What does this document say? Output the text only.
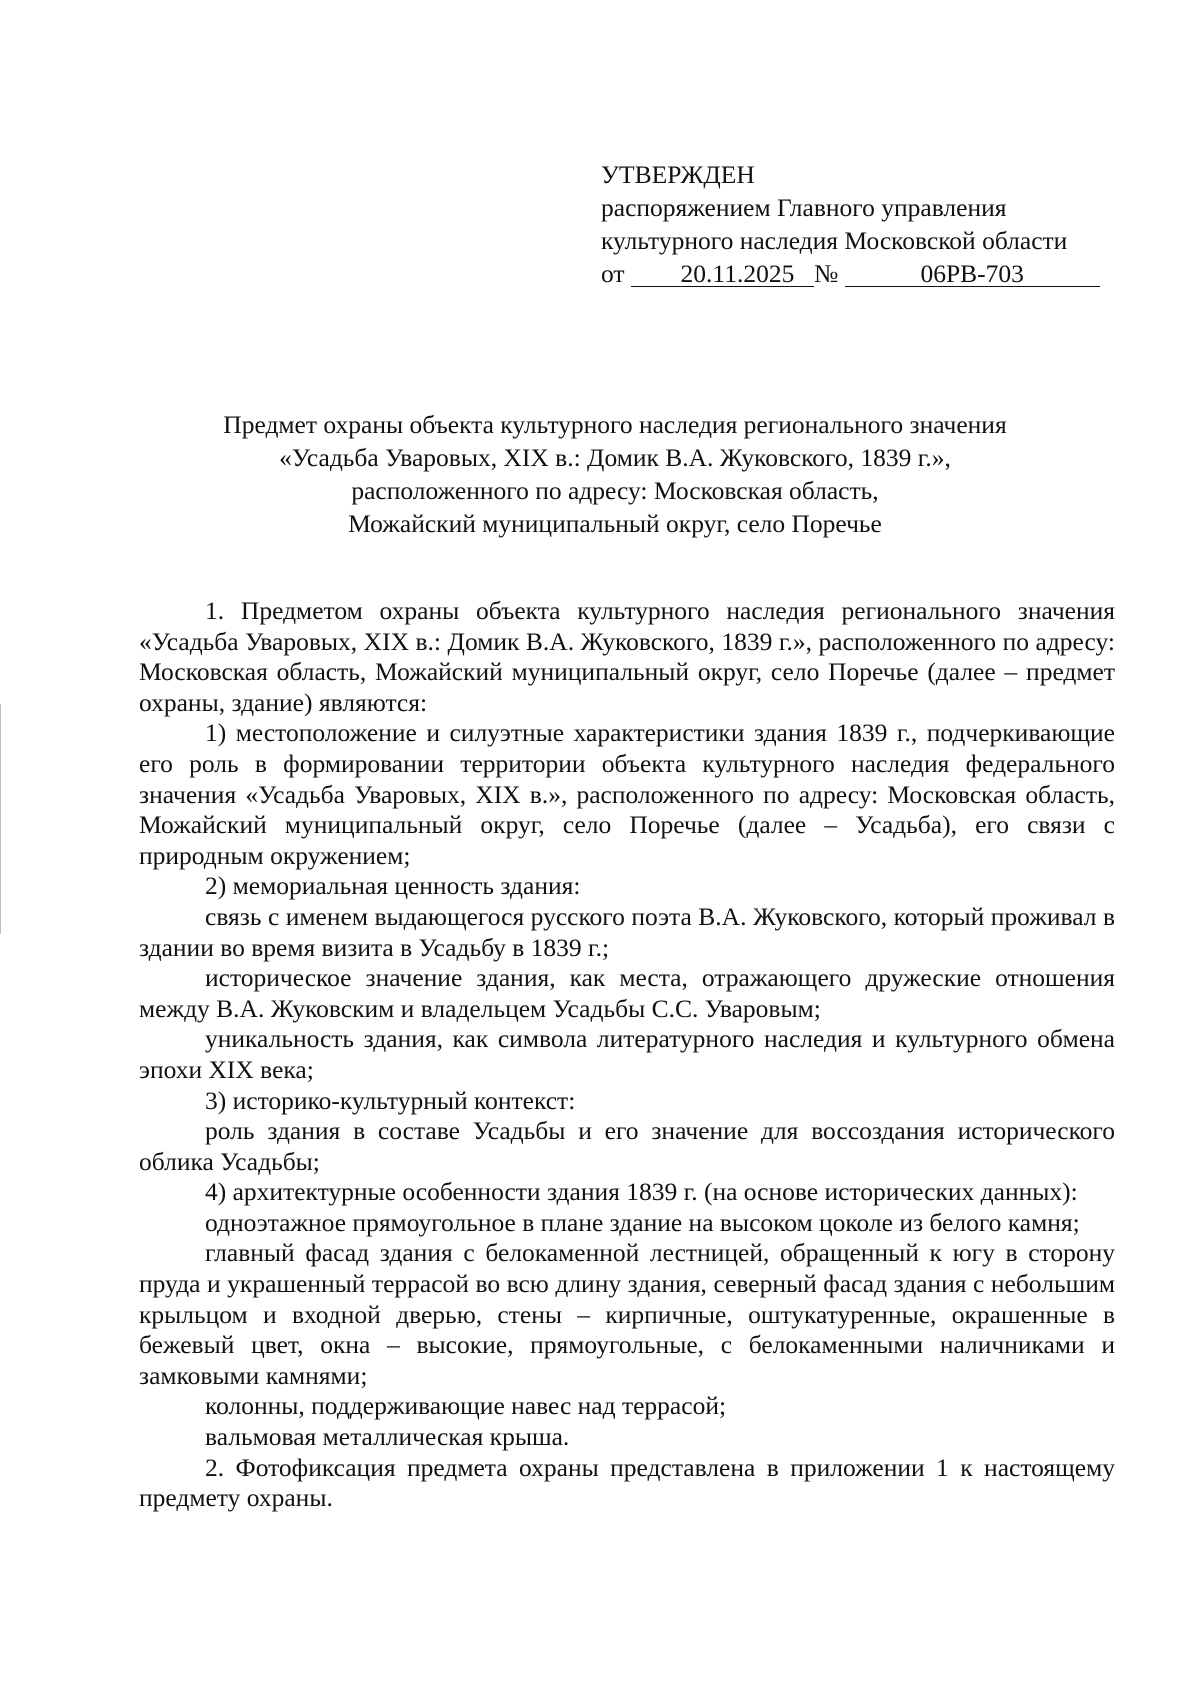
УТВЕРЖДЕН
распоряжением Главного управления
культурного наследия Московской области
от 20.11.2025 №	06РВ-703
Предмет охраны объекта культурного наследия регионального значения
«Усадьба Уваровых, XIX в.: Домик В.А. Жуковского, 1839 г.»,
расположенного по адресу: Московская область,
Можайский муниципальный округ, село Поречье

1. Предметом охраны объекта культурного наследия регионального значения «Усадьба Уваровых, XIX в.: Домик В.А. Жуковского, 1839 г.», расположенного по адресу: Московская область, Можайский муниципальный округ, село Поречье (далее – предмет охраны, здание) являются:

1) местоположение и силуэтные характеристики здания 1839 г., подчеркивающие его роль в формировании территории объекта культурного наследия федерального значения «Усадьба Уваровых, XIX в.», расположенного по адресу: Московская область, Можайский муниципальный округ, село Поречье (далее – Усадьба), его связи с природным окружением;

2) мемориальная ценность здания:

связь с именем выдающегося русского поэта В.А. Жуковского, который проживал в здании во время визита в Усадьбу в 1839 г.;

историческое значение здания, как места, отражающего дружеские отношения между В.А. Жуковским и владельцем Усадьбы С.С. Уваровым;

уникальность здания, как символа литературного наследия и культурного обмена эпохи XIX века;

3) историко-культурный контекст:

роль здания в составе Усадьбы и его значение для воссоздания исторического облика Усадьбы;

4) архитектурные особенности здания 1839 г. (на основе исторических данных):

одноэтажное прямоугольное в плане здание на высоком цоколе из белого камня;

главный фасад здания с белокаменной лестницей, обращенный к югу в сторону пруда и украшенный террасой во всю длину здания, северный фасад здания с небольшим крыльцом и входной дверью, стены – кирпичные, оштукатуренные, окрашенные в бежевый цвет, окна – высокие, прямоугольные, с белокаменными наличниками и замковыми камнями;

колонны, поддерживающие навес над террасой;

вальмовая металлическая крыша.

2. Фотофиксация предмета охраны представлена в приложении 1 к настоящему предмету охраны.
